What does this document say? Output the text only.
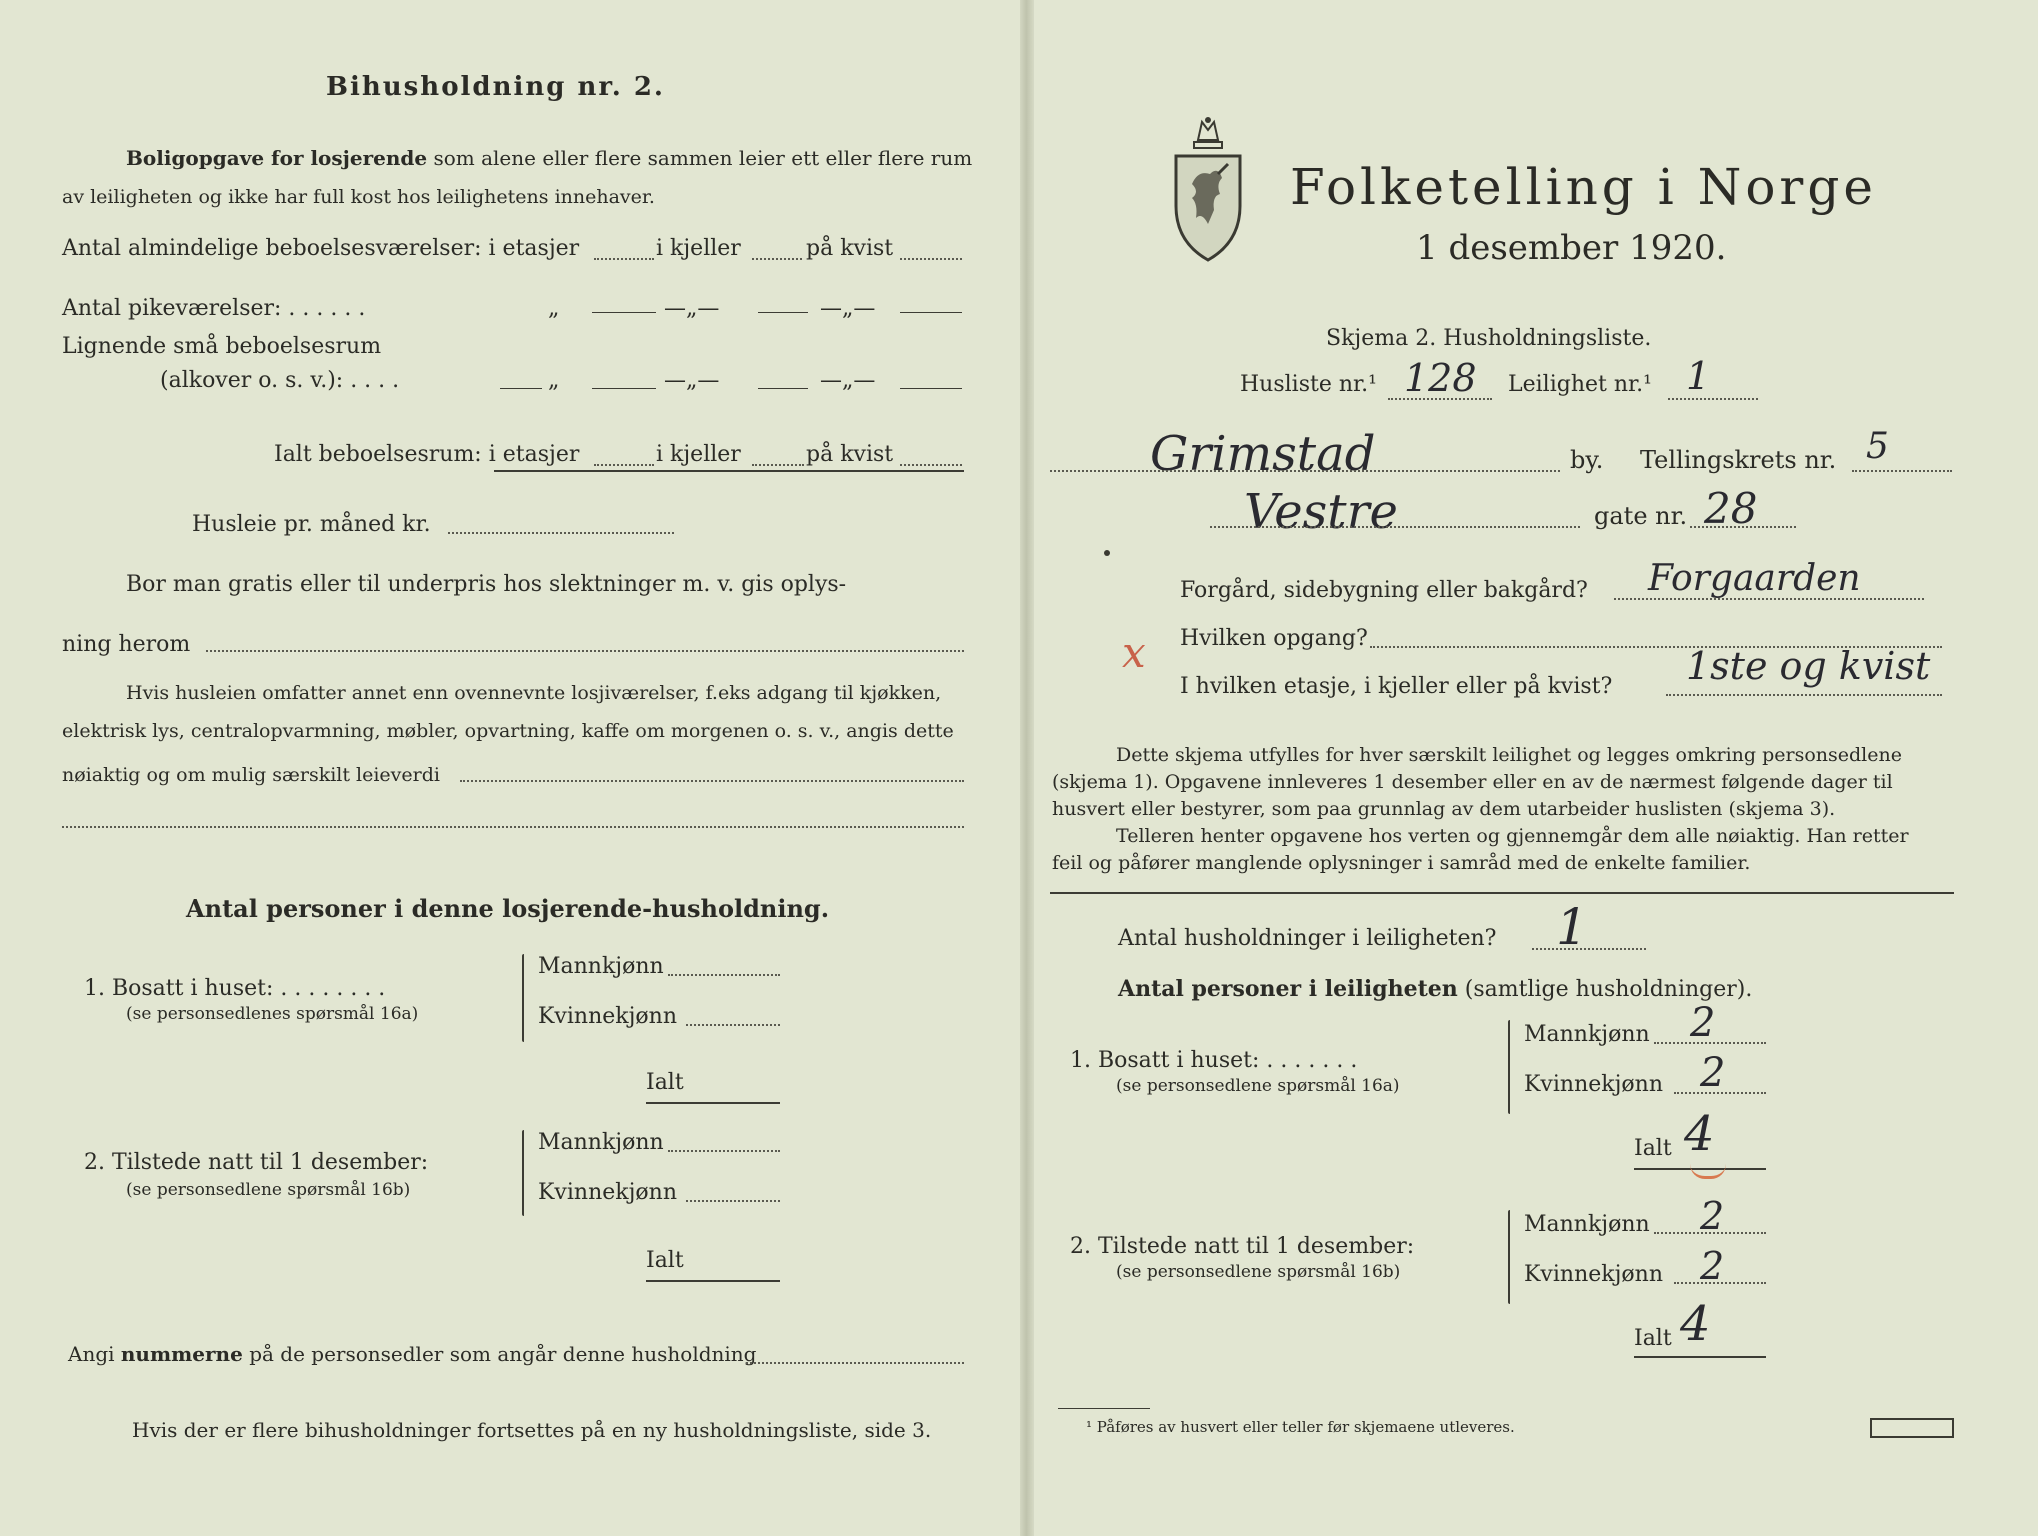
Bihusholdning nr. 2.
Boligopgave for losjerende som alene eller flere sammen leier ett eller flere rum
av leiligheten og ikke har full kost hos leilighetens innehaver.
Antal almindelige beboelsesværelser: i etasjer	i kjeller	på kvist
Antal pikeværelser: . . . . . .	„	—„—	—„—
Lignende små beboelsesrum
(alkover o. s. v.): . . . .	„	—„—	—„—
Ialt beboelsesrum: i etasjer	i kjeller	på kvist
Husleie pr. måned kr.
Bor man gratis eller til underpris hos slektninger m. v. gis oplys-
ning herom
Hvis husleien omfatter annet enn ovennevnte losjiværelser, f.eks adgang til kjøkken,
elektrisk lys, centralopvarmning, møbler, opvartning, kaffe om morgenen o. s. v., angis dette
nøiaktig og om mulig særskilt leieverdi
Antal personer i denne losjerende-husholdning.
1. Bosatt i huset: . . . . . . . .
(se personsedlenes spørsmål 16a)
Mannkjønn
Kvinnekjønn
Ialt
2. Tilstede natt til 1 desember:
(se personsedlene spørsmål 16b)
Mannkjønn
Kvinnekjønn
Ialt
Angi nummerne på de personsedler som angår denne husholdning
Hvis der er flere bihusholdninger fortsettes på en ny husholdningsliste, side 3.
Folketelling i Norge
1 desember 1920.
Skjema 2. Husholdningsliste.
Husliste nr.¹ 128 Leilighet nr.¹ 1
Grimstad	by. Tellingskrets nr. 5
Vestre	gate nr. 28
Forgård, sidebygning eller bakgård? Forgaarden
x Hvilken opgang?
I hvilken etasje, i kjeller eller på kvist? 1ste og kvist
Dette skjema utfylles for hver særskilt leilighet og legges omkring personsedlene
(skjema 1). Opgavene innleveres 1 desember eller en av de nærmest følgende dager til
husvert eller bestyrer, som paa grunnlag av dem utarbeider huslisten (skjema 3).
Telleren henter opgavene hos verten og gjennemgår dem alle nøiaktig. Han retter
feil og påfører manglende oplysninger i samråd med de enkelte familier.
Antal husholdninger i leiligheten? 1
Antal personer i leiligheten (samtlige husholdninger).
1. Bosatt i huset: . . . . . . .
(se personsedlene spørsmål 16a)
Mannkjønn 2
Kvinnekjønn 2
Ialt 4
2. Tilstede natt til 1 desember:
(se personsedlene spørsmål 16b)
Mannkjønn 2
Kvinnekjønn 2
Ialt 4
¹ Påføres av husvert eller teller før skjemaene utleveres.
